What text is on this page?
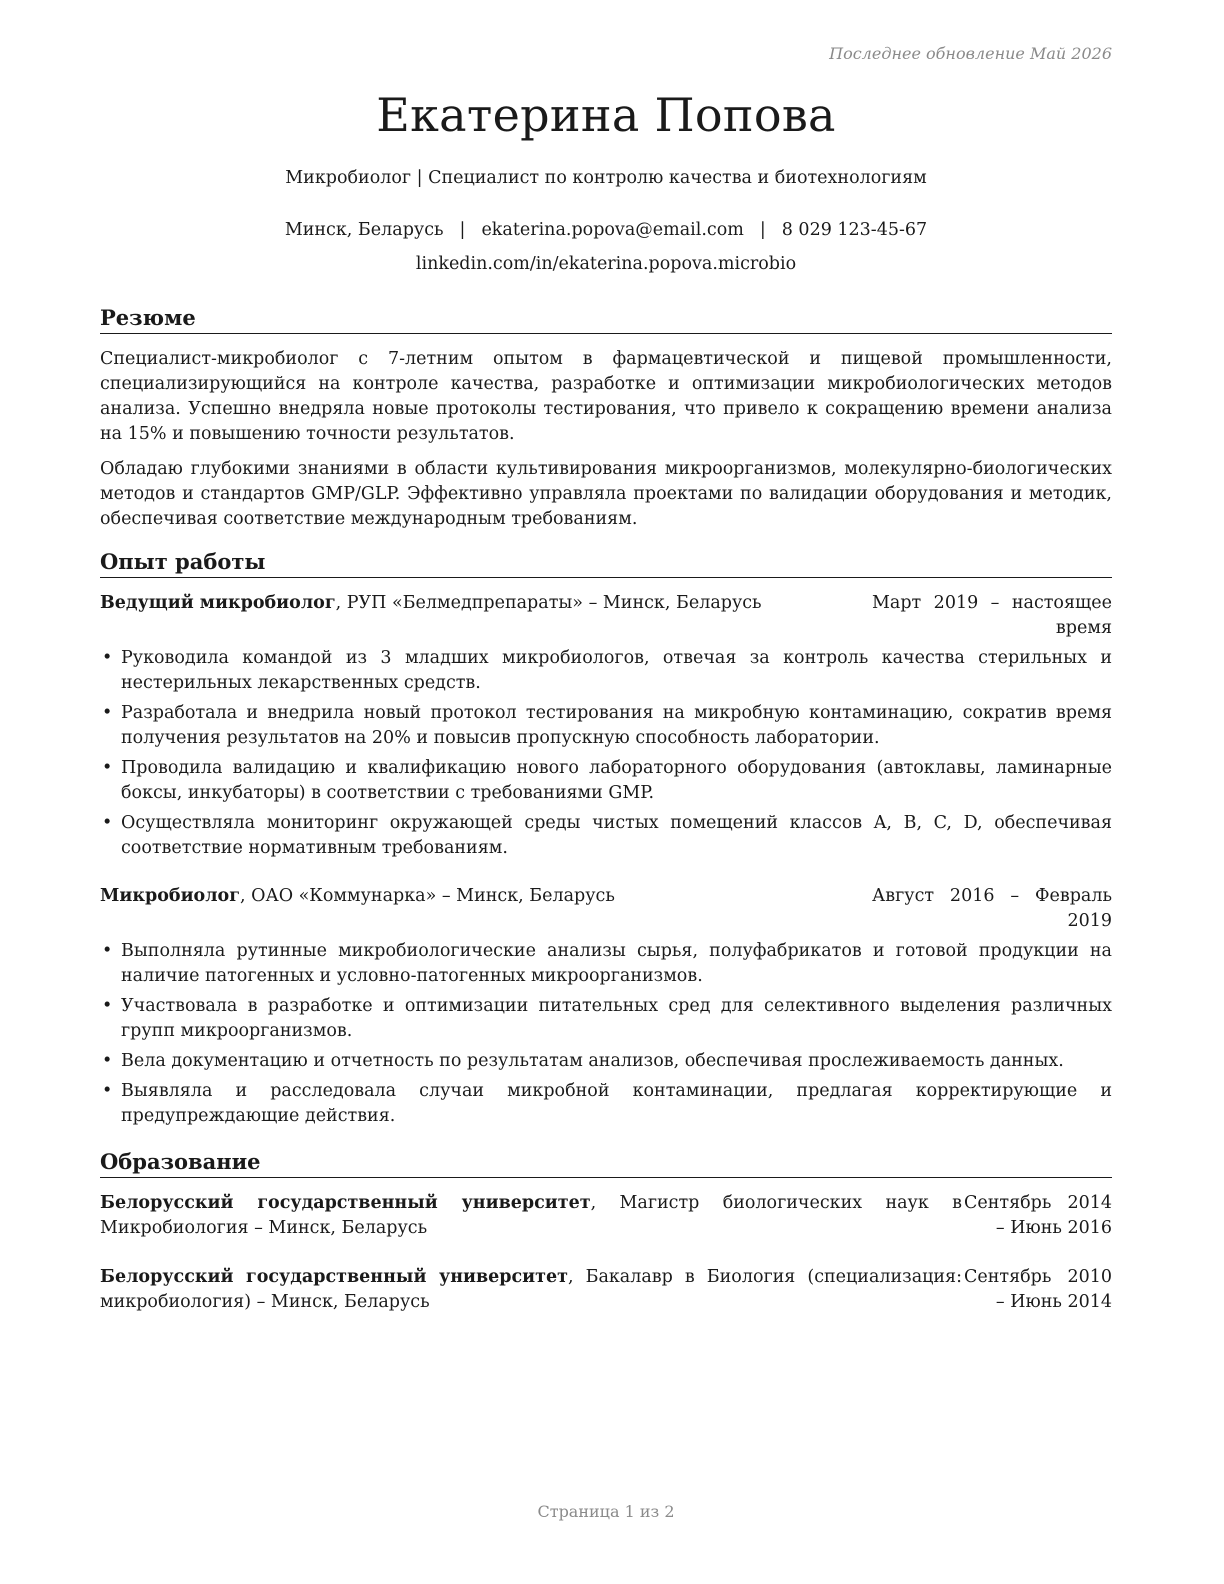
Последнее обновление Май 2026
Екатерина Попова
Микробиолог | Специалист по контролю качества и биотехнологиям
Минск, Беларусь | ekaterina.popova@email.com | 8 029 123-45-67
linkedin.com/in/ekaterina.popova.microbio
Резюме

Специалист-микробиолог с 7-летним опытом в фармацевтической и пищевой промышленности, специализирующийся на контроле качества, разработке и оптимизации микробиологических методов анализа. Успешно внедряла новые протоколы тестирования, что привело к сокращению времени анализа на 15% и повышению точности результатов.

Обладаю глубокими знаниями в области культивирования микроорганизмов, молекулярно-биологических методов и стандартов GMP/GLP. Эффективно управляла проектами по валидации оборудования и методик, обеспечивая соответствие международным требованиям.

Опыт работы
Ведущий микробиолог, РУП «Белмедпрепараты» – Минск, Беларусь	Март 2019 – настоящее время
• Руководила командой из 3 младших микробиологов, отвечая за контроль качества стерильных и нестерильных лекарственных средств.
• Разработала и внедрила новый протокол тестирования на микробную контаминацию, сократив время получения результатов на 20% и повысив пропускную способность лаборатории.
• Проводила валидацию и квалификацию нового лабораторного оборудования (автоклавы, ламинарные боксы, инкубаторы) в соответствии с требованиями GMP.
• Осуществляла мониторинг окружающей среды чистых помещений классов A, B, C, D, обеспечивая соответствие нормативным требованиям.
Микробиолог, ОАО «Коммунарка» – Минск, Беларусь	Август 2016 – Февраль 2019
• Выполняла рутинные микробиологические анализы сырья, полуфабрикатов и готовой продукции на наличие патогенных и условно-патогенных микроорганизмов.
• Участвовала в разработке и оптимизации питательных сред для селективного выделения различных групп микроорганизмов.
• Вела документацию и отчетность по результатам анализов, обеспечивая прослеживаемость данных.
• Выявляла и расследовала случаи микробной контаминации, предлагая корректирующие и предупреждающие действия.
Образование
Белорусский государственный университет, Магистр биологических наук в Микробиология – Минск, Беларусь
Сентябрь 2014 – Июнь 2016
Белорусский государственный университет, Бакалавр в Биология (специализация: микробиология) – Минск, Беларусь
Сентябрь 2010 – Июнь 2014
Страница 1 из 2
